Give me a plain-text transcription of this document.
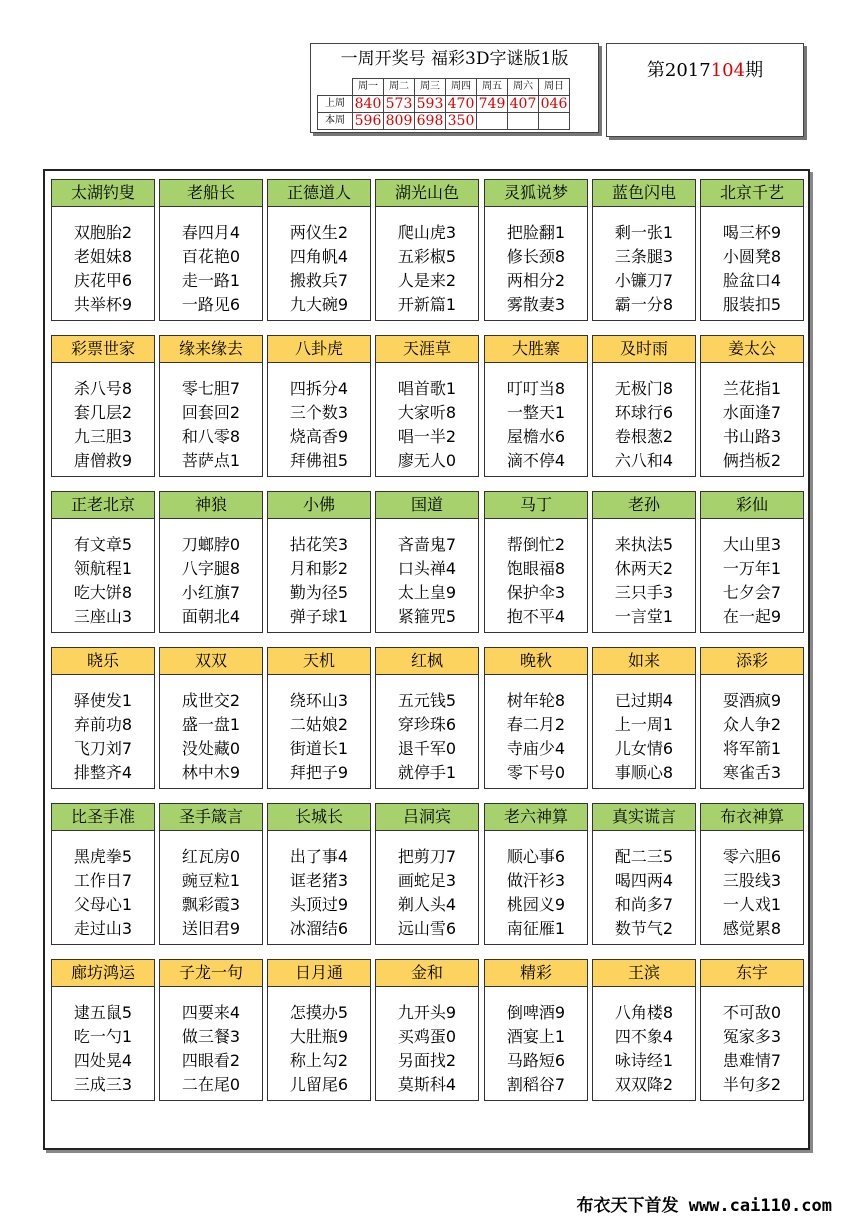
一周开奖号 福彩3D字谜版1版
	周一	周二	周三	周四	周五	周六	周日
上周	840	573	593	470	749	407	046
本周	596	809	698	350			
第2017104期
太湖钓叟
双胞胎2
老姐妹8
庆花甲6
共举杯9
老船长
春四月4
百花艳0
走一路1
一路见6
正德道人
两仪生2
四角帆4
搬救兵7
九大碗9
湖光山色
爬山虎3
五彩椒5
人是来2
开新篇1
灵狐说梦
把脸翻1
修长颈8
两相分2
雾散妻3
蓝色闪电
剩一张1
三条腿3
小镰刀7
霸一分8
北京千艺
喝三杯9
小圆凳8
脸盆口4
服装扣5
彩票世家
杀八号8
套几层2
九三胆3
唐僧救9
缘来缘去
零七胆7
回套回2
和八零8
菩萨点1
八卦虎
四拆分4
三个数3
烧高香9
拜佛祖5
天涯草
唱首歌1
大家听8
唱一半2
廖无人0
大胜寨
叮叮当8
一整天1
屋檐水6
滴不停4
及时雨
无极门8
环球行6
卷根葱2
六八和4
姜太公
兰花指1
水面逢7
书山路3
俩挡板2
正老北京
有文章5
领航程1
吃大饼8
三座山3
神狼
刀螂脖0
八字腿8
小红旗7
面朝北4
小佛
拈花笑3
月和影2
勤为径5
弹子球1
国道
吝啬鬼7
口头禅4
太上皇9
紧箍咒5
马丁
帮倒忙2
饱眼福8
保护伞3
抱不平4
老孙
来执法5
休两天2
三只手3
一言堂1
彩仙
大山里3
一万年1
七夕会7
在一起9
晓乐
驿使发1
弃前功8
飞刀刘7
排整齐4
双双
成世交2
盛一盘1
没处藏0
林中木9
天机
绕环山3
二姑娘2
街道长1
拜把子9
红枫
五元钱5
穿珍珠6
退千军0
就停手1
晚秋
树年轮8
春二月2
寺庙少4
零下号0
如来
已过期4
上一周1
儿女情6
事顺心8
添彩
耍酒疯9
众人争2
将军箭1
寒雀舌3
比圣手准
黑虎拳5
工作日7
父母心1
走过山3
圣手箴言
红瓦房0
豌豆粒1
飘彩霞3
送旧君9
长城长
出了事4
诓老猪3
头顶过9
冰溜结6
吕洞宾
把剪刀7
画蛇足3
剃人头4
远山雪6
老六神算
顺心事6
做汗衫3
桃园义9
南征雁1
真实谎言
配二三5
喝四两4
和尚多7
数节气2
布衣神算
零六胆6
三股线3
一人戏1
感觉累8
廊坊鸿运
逮五鼠5
吃一勺1
四处晃4
三成三3
子龙一句
四要来4
做三餐3
四眼看2
二在尾0
日月通
怎摸办5
大肚瓶9
称上勾2
儿留尾6
金和
九开头9
买鸡蛋0
另面找2
莫斯科4
精彩
倒啤酒9
酒宴上1
马路短6
割稻谷7
王滨
八角楼8
四不象4
咏诗经1
双双降2
东宇
不可敌0
冤家多3
患难情7
半句多2
布衣天下首发 www.cai110.com
